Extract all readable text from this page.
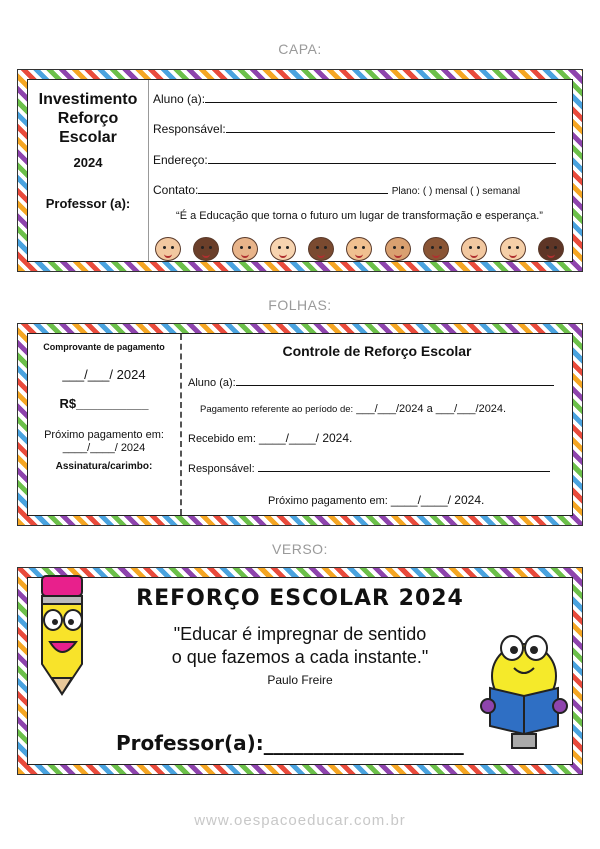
CAPA:
Investimento
Reforço
Escolar
2024
Professor (a):
Aluno (a):
Responsável:
Endereço:
Contato:	Plano: ( ) mensal ( ) semanal
“É a Educação que torna o futuro um lugar de transformação e esperança.”
FOLHAS:
Comprovante de pagamento
___/___/ 2024
R$__________
Próximo pagamento em:
____/____/ 2024
Assinatura/carimbo:
Controle de Reforço Escolar
Aluno (a):
Pagamento referente ao período de: ___/___/2024 a ___/___/2024.
Recebido em: ____/____/ 2024.
Responsável:
Próximo pagamento em: ____/____/ 2024.
VERSO:
REFORÇO ESCOLAR 2024
"Educar é impregnar de sentido
o que fazemos a cada instante."
Paulo Freire
Professor(a):____________________
www.oespacoeducar.com.br
